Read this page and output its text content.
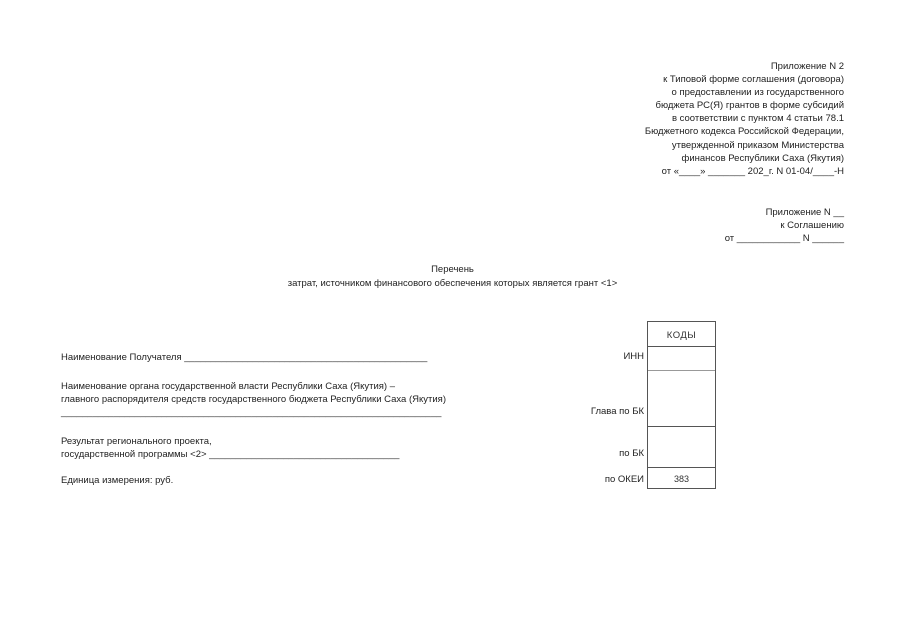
Приложение N 2
к Типовой форме соглашения (договора)
о предоставлении из государственного
бюджета РС(Я) грантов в форме субсидий
в соответствии с пунктом 4 статьи 78.1
Бюджетного кодекса Российской Федерации,
утвержденной приказом Министерства
финансов Республики Саха (Якутия)
от «____» _______ 202_г. N 01-04/____-Н
Приложение N __
к Соглашению
от ____________ N ______
Перечень
затрат, источником финансового обеспечения которых является грант <1>
Наименование Получателя ______________________________________________
Наименование органа государственной власти Республики Саха (Якутия) –
главного распорядителя средств государственного бюджета Республики Саха (Якутия)
________________________________________________________________________
Результат регионального проекта,
государственной программы <2> ____________________________________
Единица измерения: руб.
ИНН
Глава по БК
по БК
по ОКЕИ
КОДЫ
383
